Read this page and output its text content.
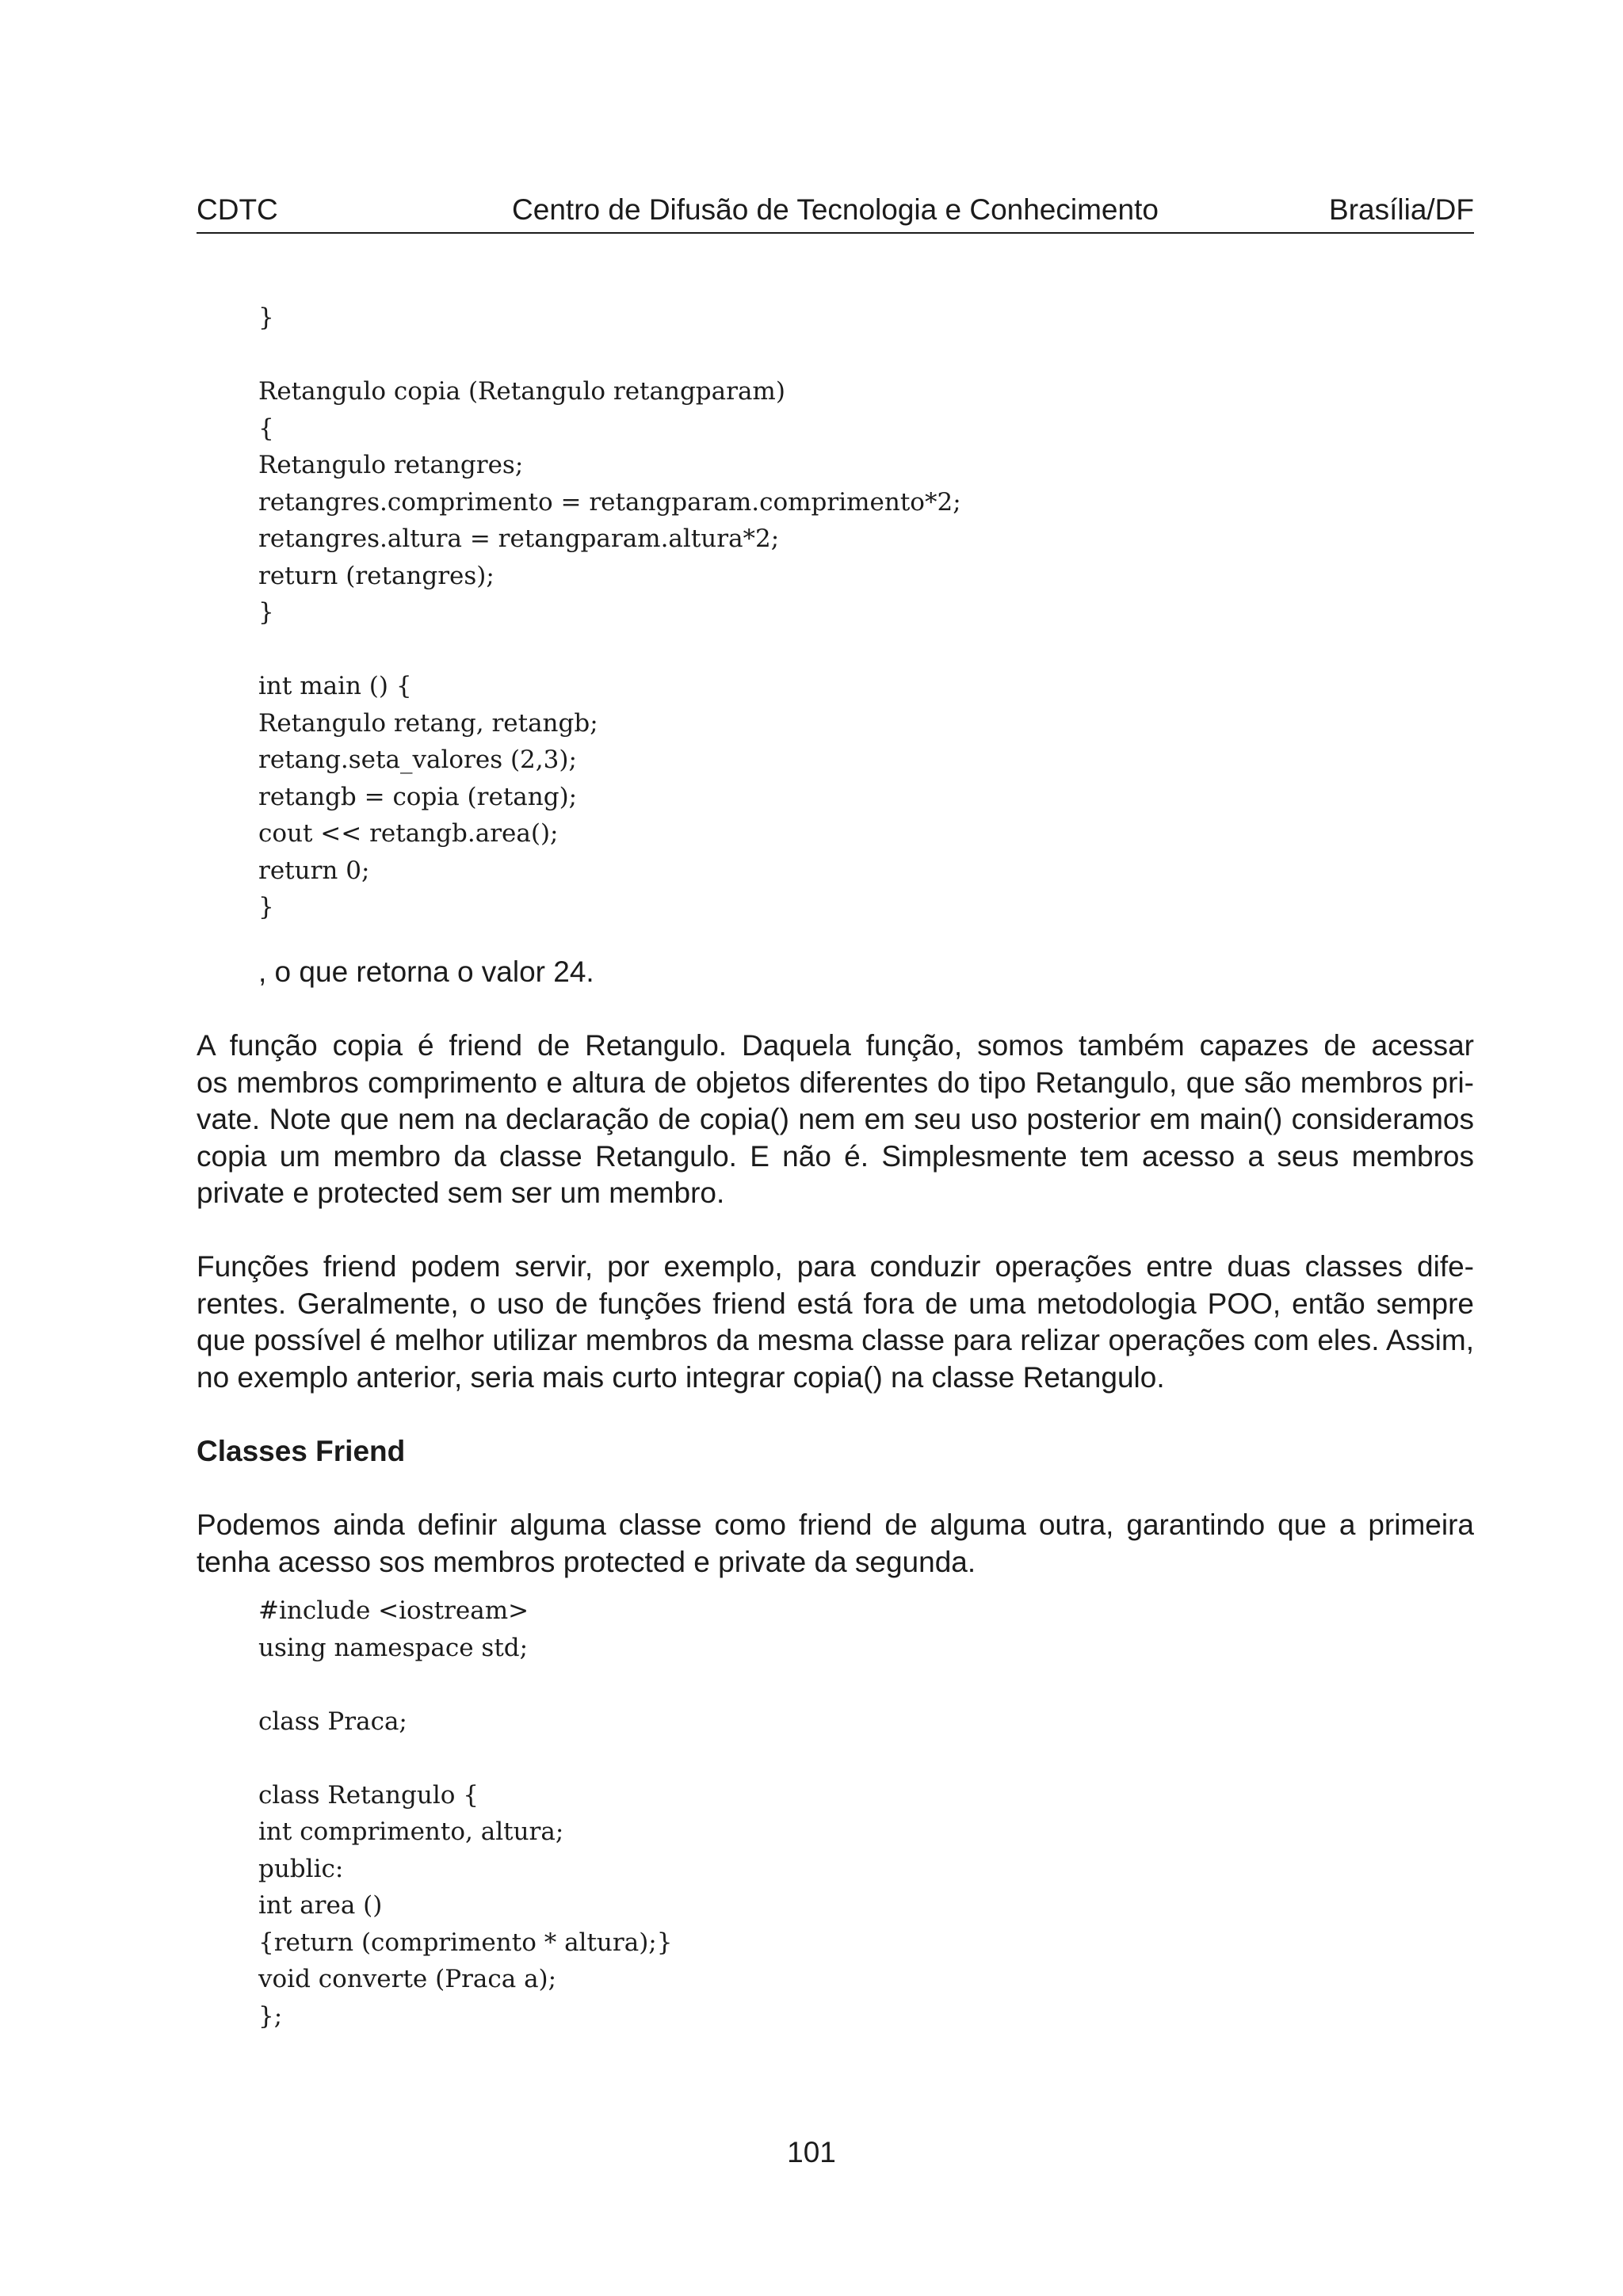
CDTC	Centro de Difusão de Tecnologia e Conhecimento	Brasília/DF
}
Retangulo copia (Retangulo retangparam)
{
Retangulo retangres;
retangres.comprimento = retangparam.comprimento*2;
retangres.altura = retangparam.altura*2;
return (retangres);
}
int main () {
Retangulo retang, retangb;
retang.seta_valores (2,3);
retangb = copia (retang);
cout << retangb.area();
return 0;
}

, o que retorna o valor 24.

A função copia é friend de Retangulo. Daquela função, somos também capazes de acessar
os membros comprimento e altura de objetos diferentes do tipo Retangulo, que são membros pri-
vate. Note que nem na declaração de copia() nem em seu uso posterior em main() consideramos
copia um membro da classe Retangulo. E não é. Simplesmente tem acesso a seus membros
private e protected sem ser um membro.
Funções friend podem servir, por exemplo, para conduzir operações entre duas classes dife-
rentes. Geralmente, o uso de funções friend está fora de uma metodologia POO, então sempre
que possível é melhor utilizar membros da mesma classe para relizar operações com eles. Assim,
no exemplo anterior, seria mais curto integrar copia() na classe Retangulo.

Classes Friend

Podemos ainda definir alguma classe como friend de alguma outra, garantindo que a primeira
tenha acesso sos membros protected e private da segunda.
#include <iostream>
using namespace std;
class Praca;
class Retangulo {
int comprimento, altura;
public:
int area ()
{return (comprimento * altura);}
void converte (Praca a);
};
101
